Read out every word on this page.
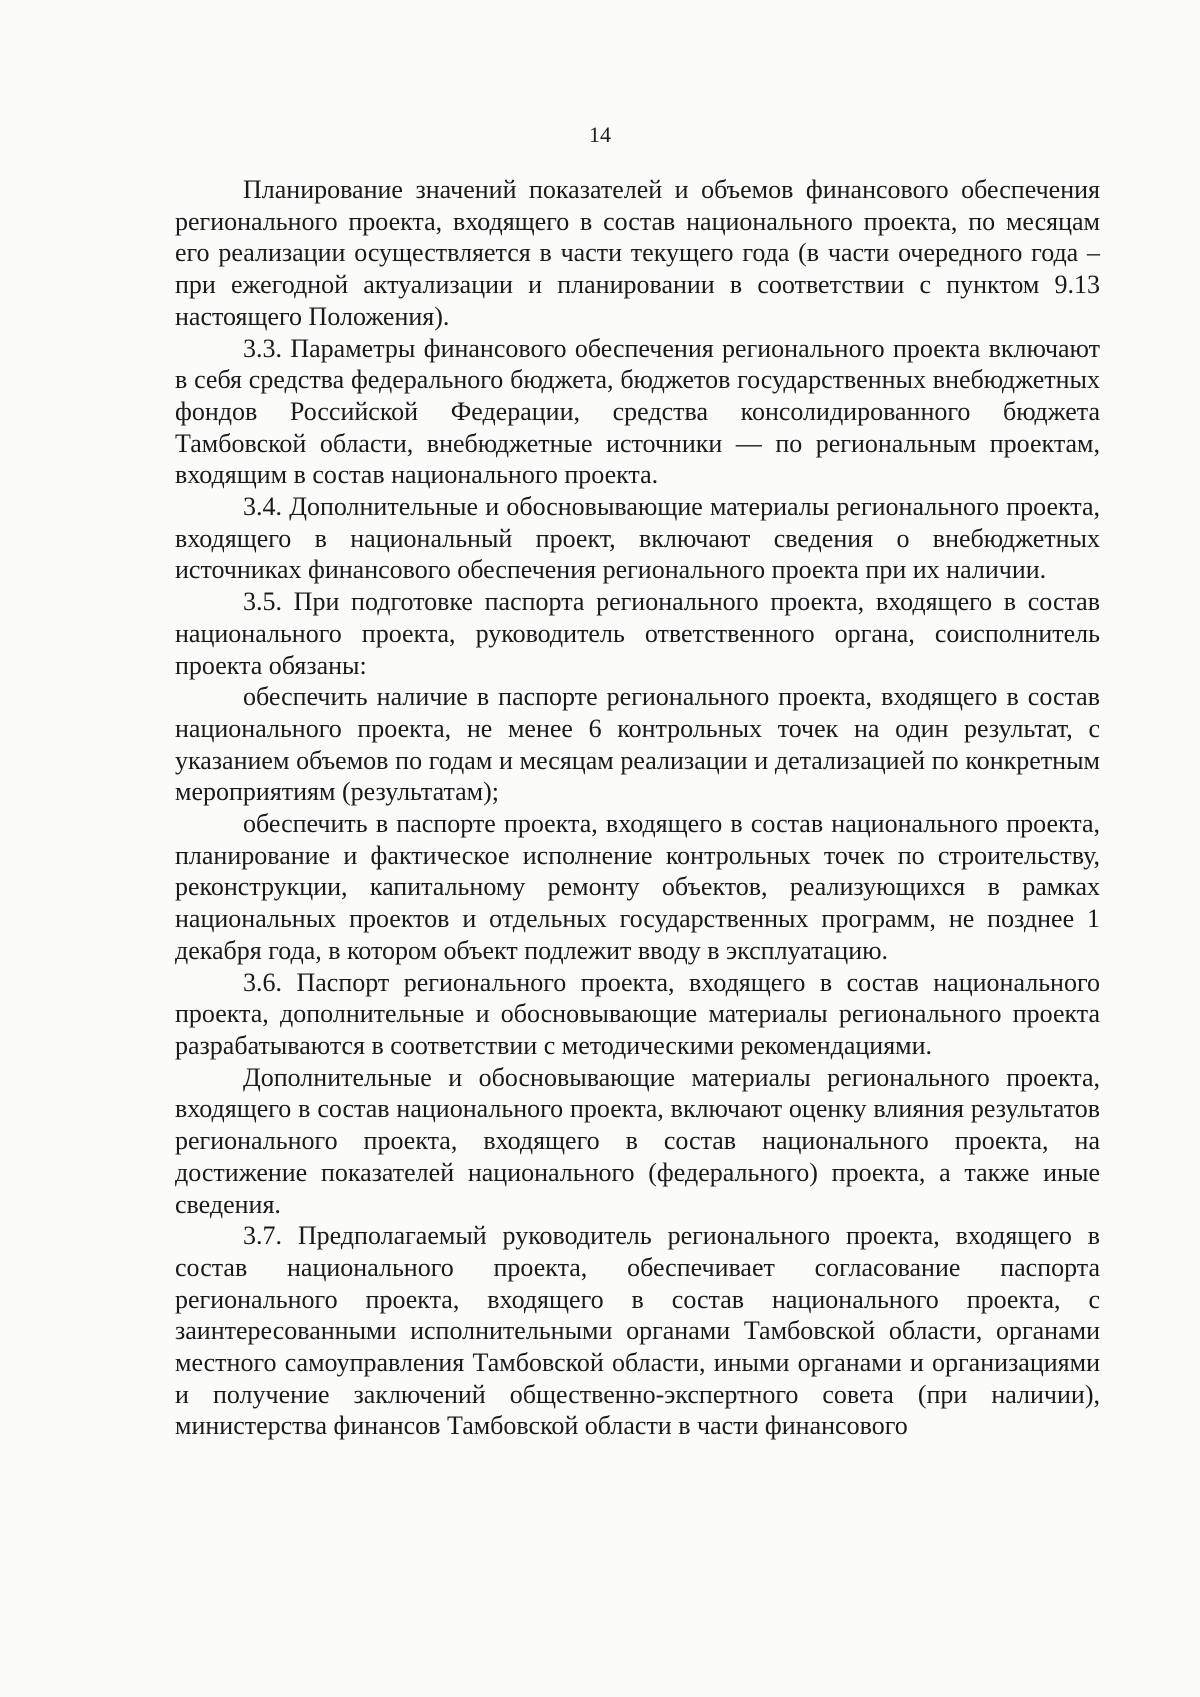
14

Планирование значений показателей и объемов финансового обеспечения регионального проекта, входящего в состав национального проекта, по месяцам его реализации осуществляется в части текущего года (в части очередного года – при ежегодной актуализации и планировании в соответствии с пунктом 9.13 настоящего Положения).

3.3. Параметры финансового обеспечения регионального проекта включают в себя средства федерального бюджета, бюджетов государственных внебюджетных фондов Российской Федерации, средства консолидированного бюджета Тамбовской области, внебюджетные источники — по региональным проектам, входящим в состав национального проекта.

3.4. Дополнительные и обосновывающие материалы регионального проекта, входящего в национальный проект, включают сведения о внебюджетных источниках финансового обеспечения регионального проекта при их наличии.

3.5. При подготовке паспорта регионального проекта, входящего в состав национального проекта, руководитель ответственного органа, соисполнитель проекта обязаны:

обеспечить наличие в паспорте регионального проекта, входящего в состав национального проекта, не менее 6 контрольных точек на один результат, с указанием объемов по годам и месяцам реализации и детализацией по конкретным мероприятиям (результатам);

обеспечить в паспорте проекта, входящего в состав национального проекта, планирование и фактическое исполнение контрольных точек по строительству, реконструкции, капитальному ремонту объектов, реализующихся в рамках национальных проектов и отдельных государственных программ, не позднее 1 декабря года, в котором объект подлежит вводу в эксплуатацию.

3.6. Паспорт регионального проекта, входящего в состав национального проекта, дополнительные и обосновывающие материалы регионального проекта разрабатываются в соответствии с методическими рекомендациями.

Дополнительные и обосновывающие материалы регионального проекта, входящего в состав национального проекта, включают оценку влияния результатов регионального проекта, входящего в состав национального проекта, на достижение показателей национального (федерального) проекта, а также иные сведения.

3.7. Предполагаемый руководитель регионального проекта, входящего в состав национального проекта, обеспечивает согласование паспорта регионального проекта, входящего в состав национального проекта, с заинтересованными исполнительными органами Тамбовской области, органами местного самоуправления Тамбовской области, иными органами и организациями и получение заключений общественно-экспертного совета (при наличии), министерства финансов Тамбовской области в части финансового
